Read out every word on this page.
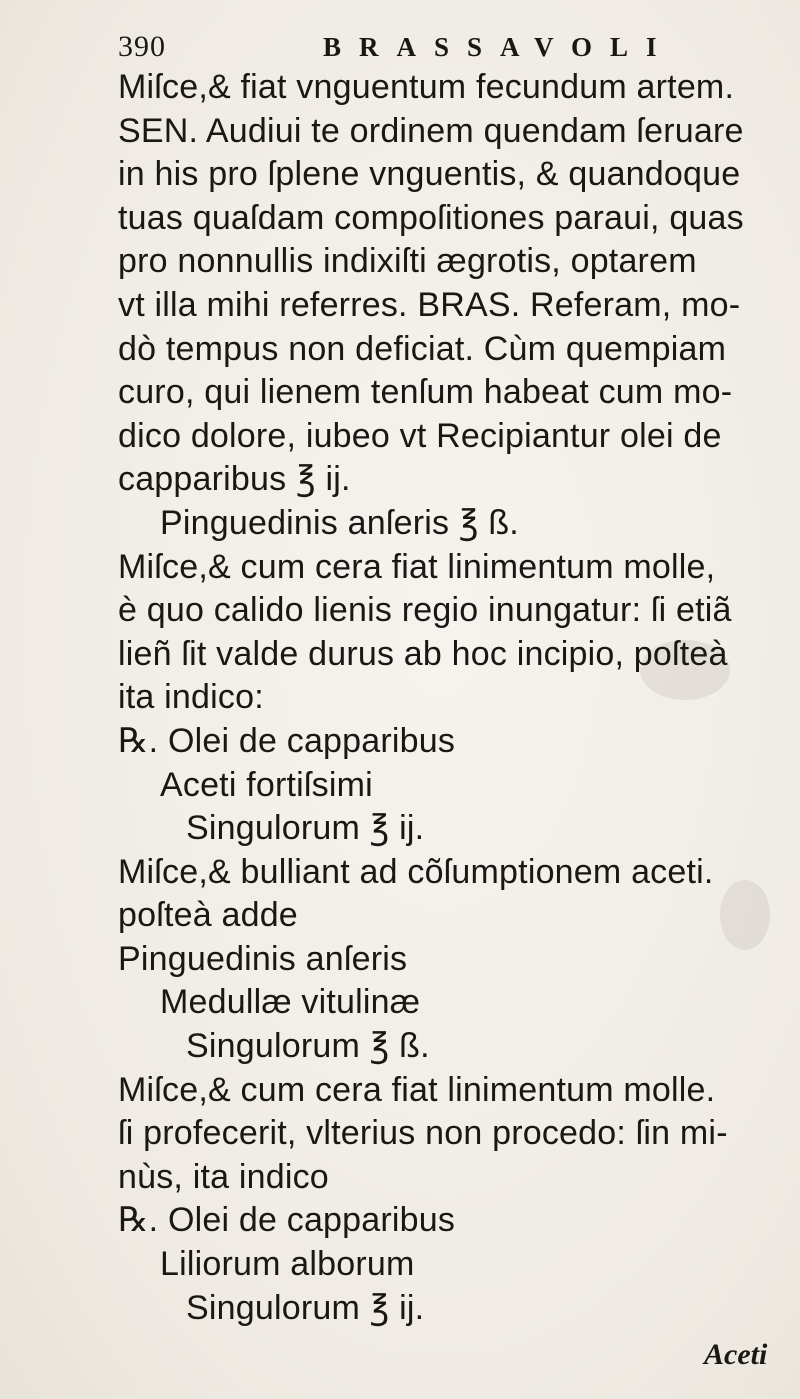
390	BRASSAVOLI
Miſce,& fiat vnguentum fecundum artem.
SEN. Audiui te ordinem quendam ſeruare
in his pro ſplene vnguentis, & quandoque
tuas quaſdam compoſitiones paraui, quas
pro nonnullis indixiſti ægrotis, optarem
vt illa mihi referres. BRAS. Referam, mo-
dò tempus non deficiat. Cùm quempiam
curo, qui lienem tenſum habeat cum mo-
dico dolore, iubeo vt Recipiantur olei de
capparibus ℥ ij.
Pinguedinis anſeris ℥ ß.
Miſce,& cum cera fiat linimentum molle,
è quo calido lienis regio inungatur: ſi etiã
lieñ ſit valde durus ab hoc incipio, poſteà
ita indico:
℞. Olei de capparibus
Aceti fortiſsimi
Singulorum ℥ ij.
Miſce,& bulliant ad cõſumptionem aceti.
poſteà adde
Pinguedinis anſeris
Medullæ vitulinæ
Singulorum ℥ ß.
Miſce,& cum cera fiat linimentum molle.
ſi profecerit, vlterius non procedo: ſin mi-
nùs, ita indico
℞. Olei de capparibus
Liliorum alborum
Singulorum ℥ ij.
Aceti
